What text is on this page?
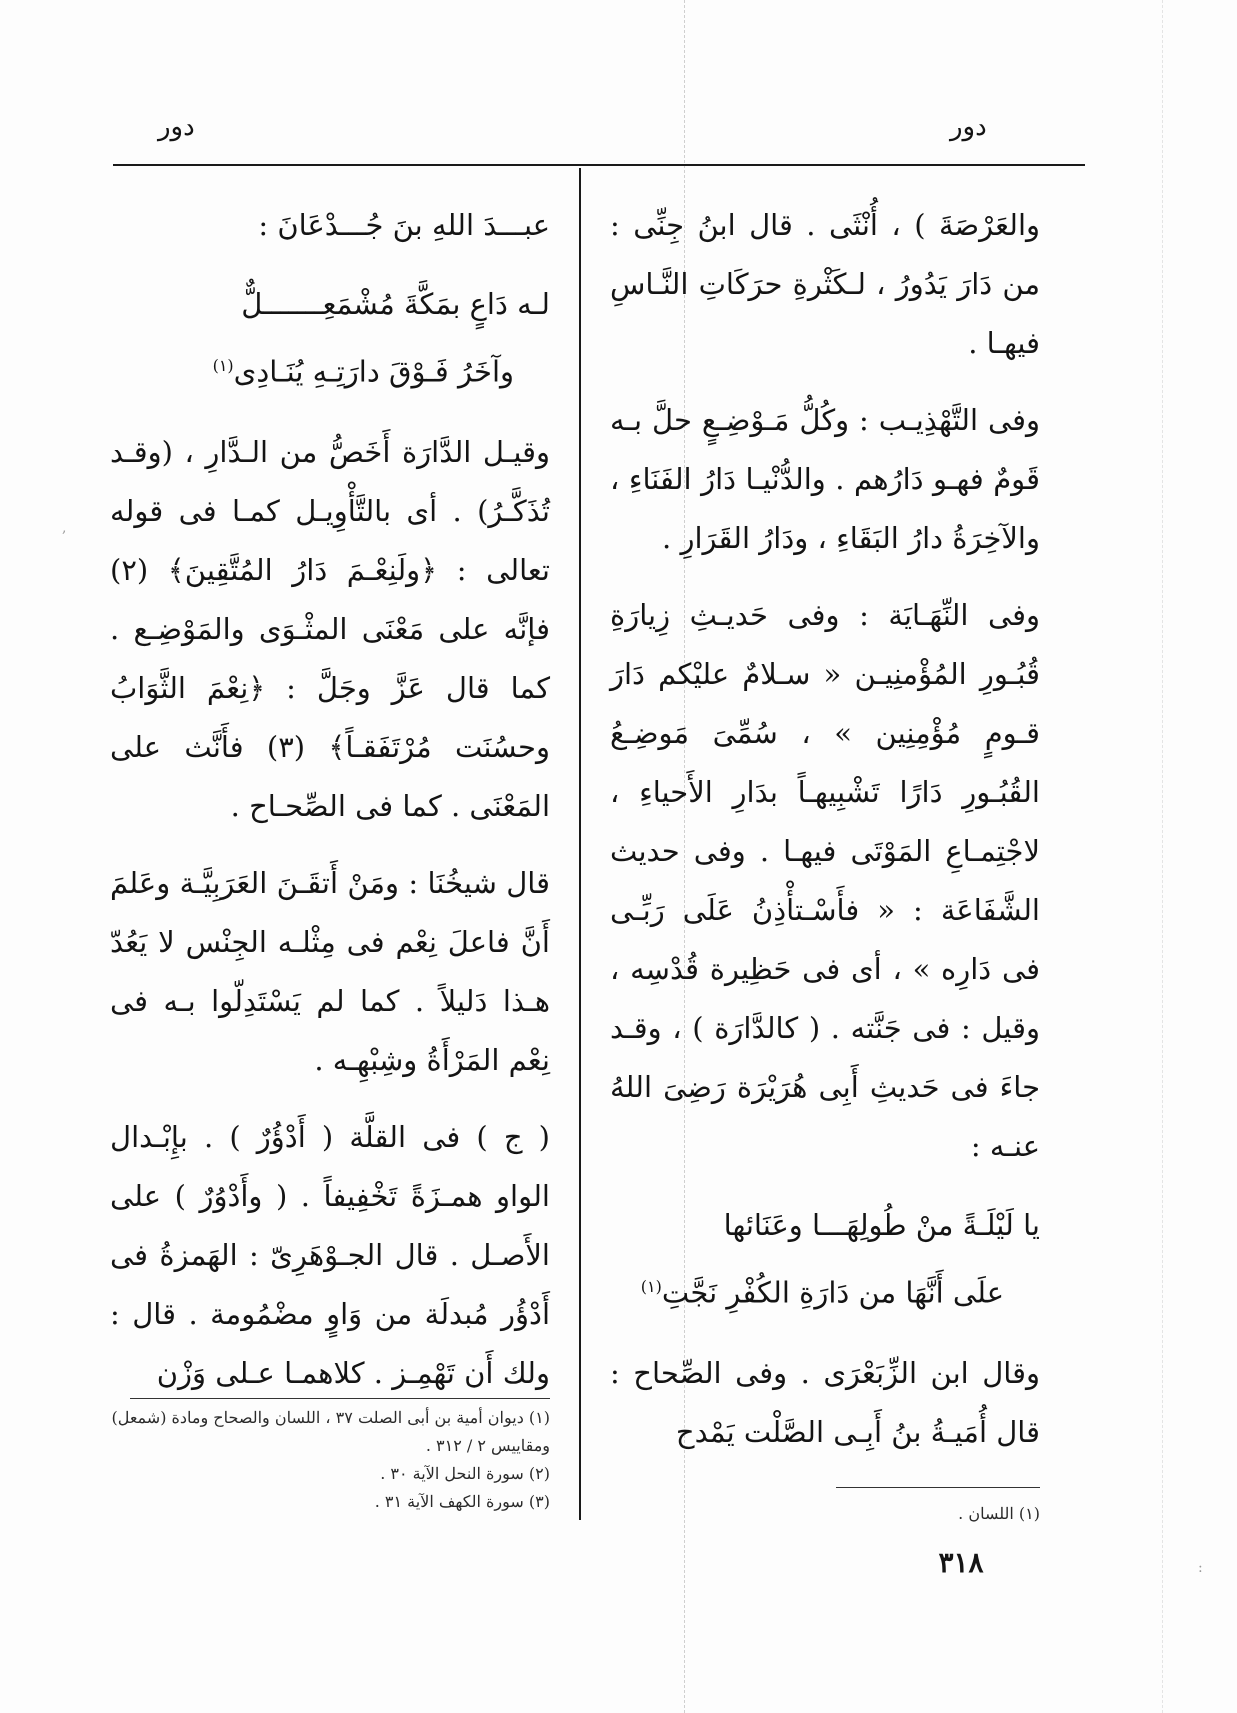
دور	دور

والعَرْصَةَ ) ، أُنْثَى . قال ابنُ جِنِّى : من دَارَ يَدُورُ ، لـكَثْرةِ حرَكَاتِ النَّـاسِ فيهـا .

وفى التَّهْذِيـب : وكُلُّ مَـوْضِـعٍ حلَّ بـه قَومٌ فهـو دَارُهم . والدُّنْيـا دَارُ الفَنَاءِ ، والآخِرَةُ دارُ البَقَاءِ ، ودَارُ القَرَارِ .

وفى النِّهَـايَة : وفى حَديـثِ زِيارَةِ قُبُـورِ المُؤْمنِيـن « سـلامٌ عليْكم دَارَ قـومٍ مُؤْمِنِين » ، سُمِّىَ مَوضِـعُ القُبُـورِ دَارًا تَشْبِيهـاً بدَارِ الأَحياءِ ، لاجْتِمـاعِ المَوْتَى فيهـا . وفى حديث الشَّفَاعَة : « فأَسْـتأْذِنُ عَلَى رَبِّـى فى دَارِه » ، أى فى حَظِيرة قُدْسِه ، وقيل : فى جَنَّته . ( كالدَّارَة ) ، وقـد جاءَ فى حَديثِ أَبِى هُرَيْرَة رَضِىَ اللهُ عنـه :

يا لَيْلَـةً منْ طُولِهَـــا وعَنَائها
علَى أَنَّهَا من دَارَةِ الكُفْرِ نَجَّتِ$^{(١)}$

وقال ابن الزِّبَعْرَى . وفى الصِّحاح : قال أُمَيـةُ بنُ أَبِـى الصَّلْت يَمْدح

(١) اللسان .

عبـــدَ اللهِ بنَ جُـــدْعَانَ :

لـه دَاعٍ بمَكَّةَ مُشْمَعِـــــــلٌّ
وآخَرُ فَـوْقَ دارَتِـهِ يُنَـادِى$^{(١)}$

وقيـل الدَّارَة أَخَصُّ من الـدَّارِ ، (وقـد تُذَكَّـرُ) . أى بالتَّأْوِيـل كمـا فى قوله تعالى : ﴿ولَنِعْـمَ دَارُ المُتَّقِينَ﴾ (٢) فإنَّه على مَعْنَى المثْـوَى والمَوْضِـع . كما قال عَزَّ وجَلَّ : ﴿نِعْمَ الثَّوَابُ وحسُنَت مُرْتَفَقـاً﴾ (٣) فأَنَّث على المَعْنَى . كما فى الصِّحـاح .

قال شيخُنَا : ومَنْ أَتقَـنَ العَرَبِيَّـة وعَلمَ أَنَّ فاعلَ نِعْم فى مِثْلـه الجِنْس لا يَعُدّ هـذا دَليلاً . كما لم يَسْتَدِلّوا بـه فى نِعْم المَرْأَةُ وشِبْهِـه .

( ج ) فى القلَّة ( أَدْؤُرٌ ) . بإِبْـدال الواو همـزَةً تَخْفِيفاً . ( وأَدْوُرٌ ) على الأَصـل . قال الجـوْهَرِىّ : الهَمزةُ فى أَدْؤُر مُبدلَة من وَاوٍ مضْمُومة . قال : ولك أَن تَهْمِـز . كلاهمـا عـلى وَزْن

(١) ديوان أمية بن أبى الصلت ٣٧ ، اللسان والصحاح ومادة (شمعل) ومقاييس ٢ / ٣١٢ .
(٢) سورة النحل الآية ٣٠ .
(٣) سورة الكهف الآية ٣١ .
٣١٨	:
,
